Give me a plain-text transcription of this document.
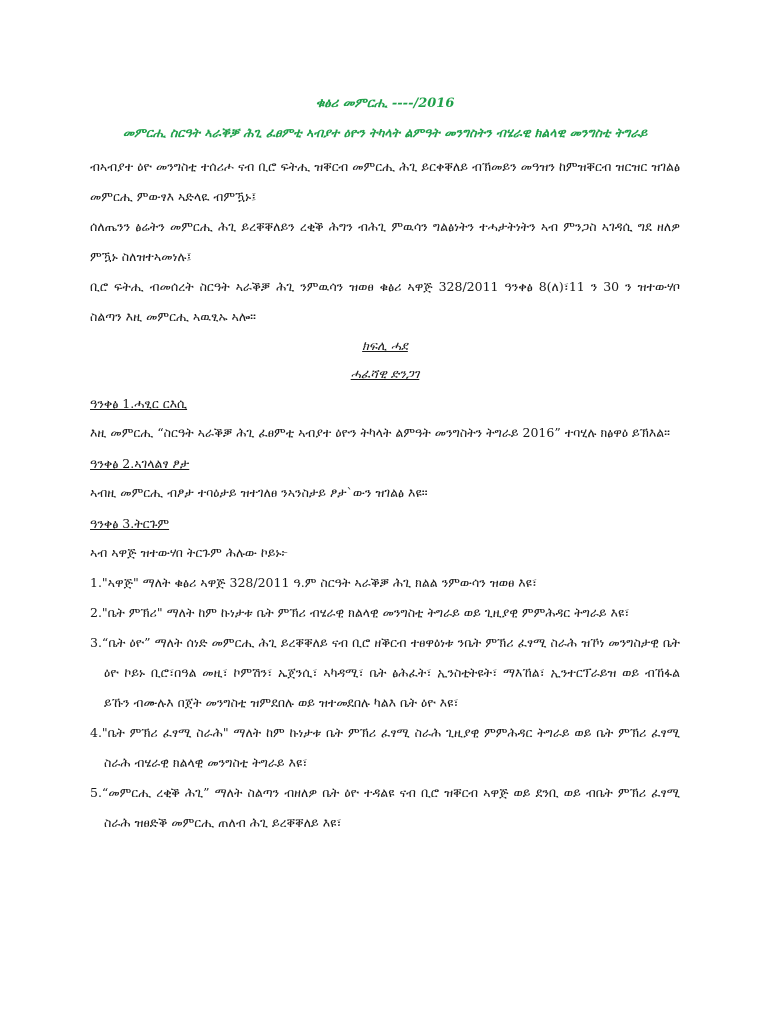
ቁፅሪ መምርሒ ----/2016

መምርሒ ስርዓት ኣራቕቓ ሕጊ ፈፀምቲ ኣብያተ ዕዮን ትካላት ልምዓት መንግስትን ብሄራዊ ክልላዊ መንግስቲ ትግራይ

ብኣብያተ ዕዮ መንግስቲ ተሰሪሖ ናብ ቢሮ ፍትሒ ዝቐርብ መምርሒ ሕጊ ይርቀቐለይ ብኽመይን መዓዝን ከምዝቐርብ ዝርዝር ዝገልፅ መምርሒ ምውፃእ ኣድላዪ ብምዃኑ፤

ሰለጤንን ፅሬትን መምርሒ ሕጊ ይረቐቐለይን ረቂቕ ሕግን ብሕጊ ምዉሳን ግልፅነትን ተሓታትነትን ኣብ ምንጋስ ኣገዳሲ ግደ ዘለዎ ምዃኑ ስለዝተኣመነሉ፤

ቢሮ ፍትሒ ብመሰረት ስርዓት ኣራቕቓ ሕጊ ንምዉሳን ዝወፀ ቁፅሪ ኣዋጅ 328/2011 ዓንቀፅ 8(ለ)፣11 ን 30 ን ዝተውሃቦ ስልጣን እዚ መምርሒ ኣዉፂኡ ኣሎ።

ክፍሊ ሓደ

ሓፈሻዊ ድንጋገ

ዓንቀፅ 1.ሓፂር ርእሲ

እዚ መምርሒ “ስርዓት ኣራቕቓ ሕጊ ፈፀምቲ ኣብያተ ዕዮን ትካላት ልምዓት መንግስትን ትግራይ 2016” ተባሂሉ ክፅዋዕ ይኽእል።

ዓንቀፅ 2.ኣገላልፃ ፆታ

ኣብዚ መምርሒ ብፆታ ተባዕታይ ዝተገለፀ ንኣንስታይ ፆታ`ውን ዝገልፅ እዩ።

ዓንቀፅ 3.ትርጉም

ኣብ ኣዋጅ ዝተውሃበ ትርጉም ሕሉው ኮይኑ፦

1."ኣዋጅ" ማለት ቁፅሪ ኣዋጅ 328/2011 ዓ.ም ስርዓት ኣራቕቓ ሕጊ ክልል ንምውሳን ዝወፀ እዩ፣

2."ቤት ምኽሪ" ማለት ከም ኩነታቱ ቤት ምኽሪ ብሄራዊ ክልላዊ መንግስቲ ትግራይ ወይ ጊዚያዊ ምምሕዳር ትግራይ እዩ፣

3.“ቤት ዕዮ” ማለት ሰነድ መምርሒ ሕጊ ይረቐቐለይ ናብ ቢሮ ዘቕርብ ተፀዋዕነቱ ንቤት ምኽሪ ፈፃሚ ስራሕ ዝኾነ መንግስታዊ ቤት ዕዮ ኮይኑ ቢሮ፣በዓል መዚ፣ ኮምሽን፣ ኤጀንሲ፣ ኣካዳሚ፣ ቤት ፅሕፈት፣ ኢንስቲትዩት፣ ማእኸል፣ ኢንተርፕራይዝ ወይ ብኸፋል ይኹን ብሙሉእ በጀት መንግስቲ ዝምደበሉ ወይ ዝተመደበሉ ካልእ ቤት ዕዮ እዩ፣

4."ቤት ምኽሪ ፈፃሚ ስራሕ" ማለት ከም ኩነታቱ ቤት ምኽሪ ፈፃሚ ስራሕ ጊዚያዊ ምምሕዳር ትግራይ ወይ ቤት ምኽሪ ፈፃሚ ስራሕ ብሄራዊ ክልላዊ መንግስቲ ትግራይ እዩ፣

5.“መምርሒ ረቂቕ ሕጊ” ማለት ስልጣን ብዘለዎ ቤት ዕዮ ተዳልዩ ናብ ቢሮ ዝቐርብ ኣዋጅ ወይ ደንቢ ወይ ብቤት ምኽሪ ፈፃሚ ስራሕ ዝፀድቕ መምርሒ ጠለብ ሕጊ ይረቐቐለይ እዩ፣
